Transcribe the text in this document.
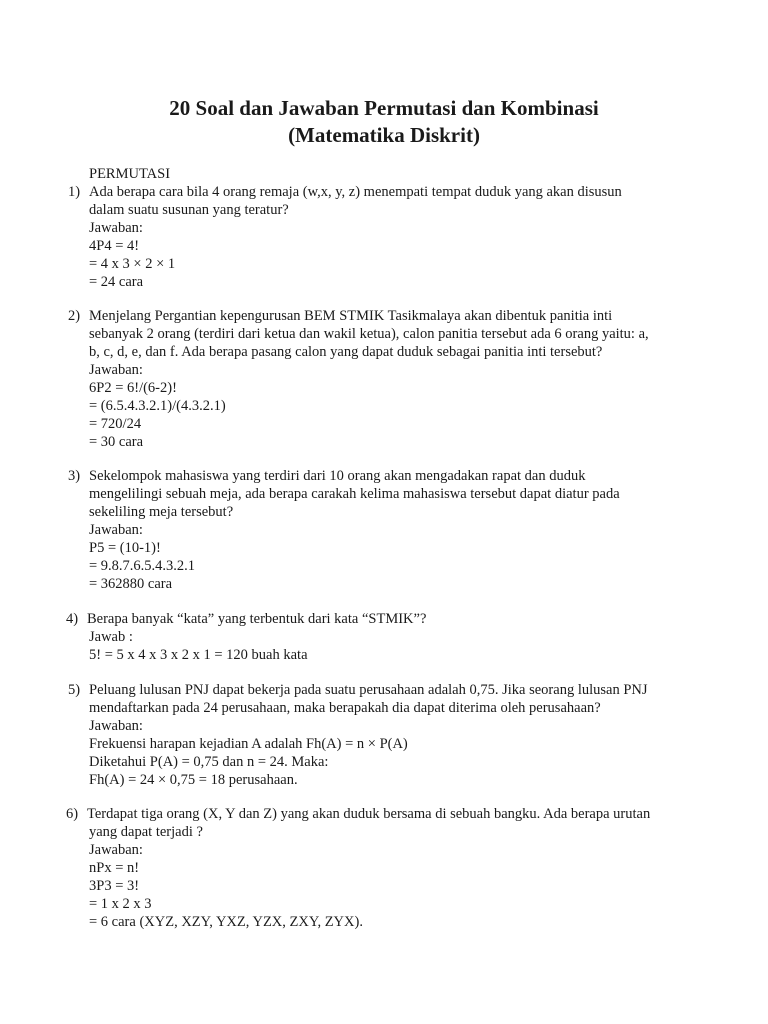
20 Soal dan Jawaban Permutasi dan Kombinasi
(Matematika Diskrit)
PERMUTASI
1) Ada berapa cara bila 4 orang remaja (w,x, y, z) menempati tempat duduk yang akan disusun
dalam suatu susunan yang teratur?
Jawaban:
4P4 = 4!
= 4 x 3 × 2 × 1
= 24 cara
2) Menjelang Pergantian kepengurusan BEM STMIK Tasikmalaya akan dibentuk panitia inti
sebanyak 2 orang (terdiri dari ketua dan wakil ketua), calon panitia tersebut ada 6 orang yaitu: a,
b, c, d, e, dan f. Ada berapa pasang calon yang dapat duduk sebagai panitia inti tersebut?
Jawaban:
6P2 = 6!/(6-2)!
= (6.5.4.3.2.1)/(4.3.2.1)
= 720/24
= 30 cara
3) Sekelompok mahasiswa yang terdiri dari 10 orang akan mengadakan rapat dan duduk
mengelilingi sebuah meja, ada berapa carakah kelima mahasiswa tersebut dapat diatur pada
sekeliling meja tersebut?
Jawaban:
P5 = (10-1)!
= 9.8.7.6.5.4.3.2.1
= 362880 cara
4) Berapa banyak “kata” yang terbentuk dari kata “STMIK”?
Jawab :
5! = 5 x 4 x 3 x 2 x 1 = 120 buah kata
5) Peluang lulusan PNJ dapat bekerja pada suatu perusahaan adalah 0,75. Jika seorang lulusan PNJ
mendaftarkan pada 24 perusahaan, maka berapakah dia dapat diterima oleh perusahaan?
Jawaban:
Frekuensi harapan kejadian A adalah Fh(A) = n × P(A)
Diketahui P(A) = 0,75 dan n = 24. Maka:
Fh(A) = 24 × 0,75 = 18 perusahaan.
6) Terdapat tiga orang (X, Y dan Z) yang akan duduk bersama di sebuah bangku. Ada berapa urutan
yang dapat terjadi ?
Jawaban:
nPx = n!
3P3 = 3!
= 1 x 2 x 3
= 6 cara (XYZ, XZY, YXZ, YZX, ZXY, ZYX).
